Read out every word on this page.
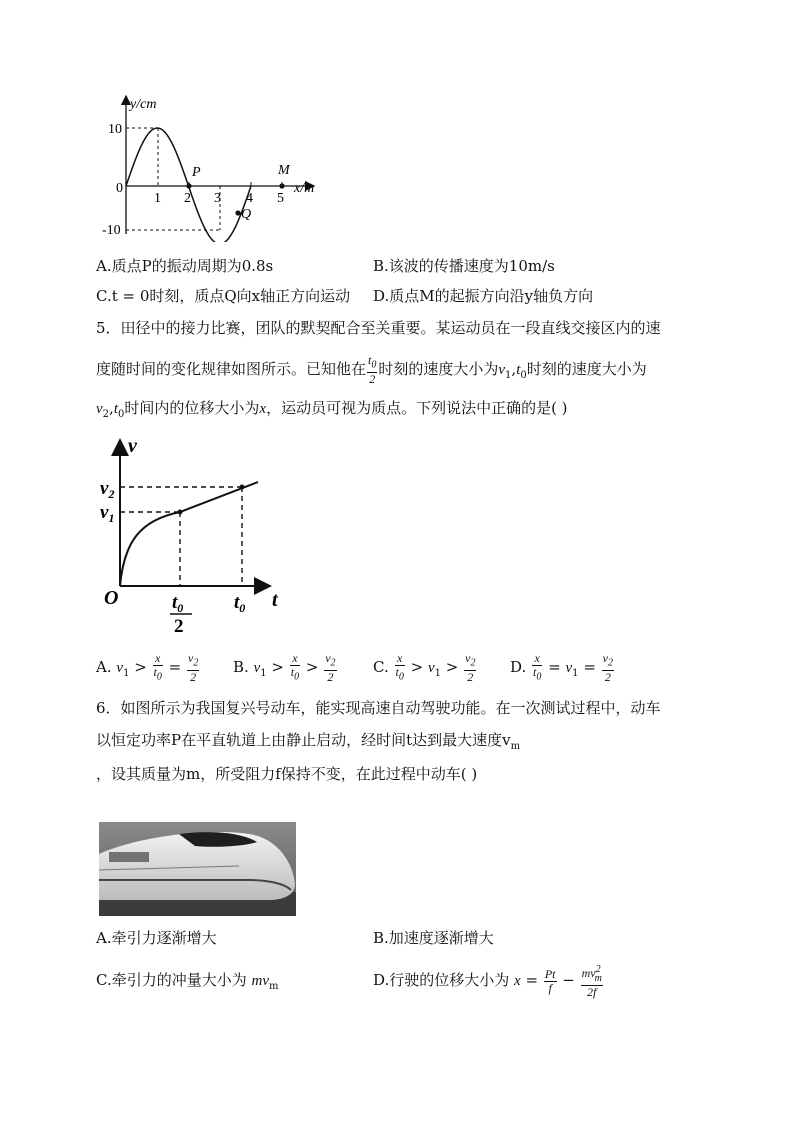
y/cm
x/m
10
-10
0
1 2 3 4 5
P
Q
M
A.质点P的振动周期为0.8s	B.该波的传播速度为10m/s
C.t = 0时刻，质点Q向x轴正方向运动 D.质点M的起振方向沿y轴负方向
5．田径中的接力比赛，团队的默契配合至关重要。某运动员在一段直线交接区内的速
度随时间的变化规律如图所示。已知他在 $\frac{t_0}{2}$ 时刻的速度大小为$v_1,t_0$时刻的速度大小为
$v_2,t_0$时间内的位移大小为x，运动员可视为质点。下列说法中正确的是( )
v
t
O
$v_2$
$v_1$
$t_0$
2
$t_0$
A. $v_1 > \frac{x}{t_0} = \frac{v_2}{2} B$. $v_1 > \frac{x}{t_0} > \frac{v_2}{2} C$. $\frac{x}{t_0} > v_1 > \frac{v_2}{2} D$. $\frac{x}{t_0} = v_1 = \frac{v_2}{2}$
6．如图所示为我国复兴号动车，能实现高速自动驾驶功能。在一次测试过程中，动车
以恒定功率P在平直轨道上由静止启动，经时间t达到最大速度$v_m$
，设其质量为m，所受阻力f保持不变，在此过程中动车( )
A.牵引力逐渐增大	B.加速度逐渐增大
C.牵引力的冲量大小为 $mv_m$	D.行驶的位移大小为 $x = \frac{Pt}{f} - \frac{mv^2_m}{2f}$
